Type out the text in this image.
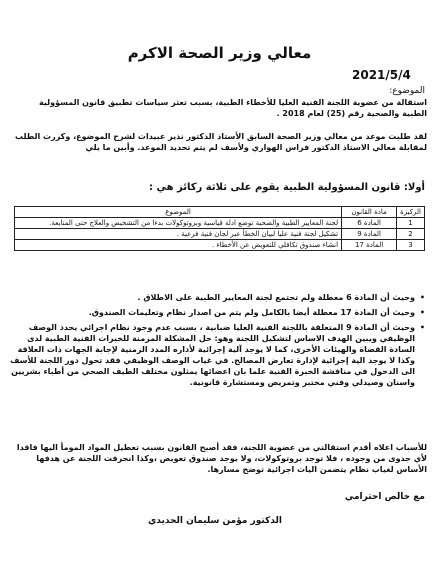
معالي وزير الصحة الاكرم
2021/5/4
الموضوع:
استقالة من عضوية اللجنة الفنية العليا للأخطاء الطبية، بسبب تعثر سياسات تطبيق قانون المسؤولية الطبية والصحية رقم (25) لعام 2018 .
لقد طلبت موعد من معالي وزير الصحة السابق الأستاذ الدكتور نذير عبيدات لشرح الموضوع، وكررت الطلب لمقابلة معالي الاستاذ الدكتور فراس الهواري ولأسف لم يتم تحديد الموعد. وأبين ما يلي
أولا: قانون المسؤولية الطبية يقوم على ثلاثة ركائز هي :
الركيزة	مادة القانون	الموضوع
1	المادة 6	لجنة المعايير الطبية والصحية توضع ادلة قياسية وبروتوكولات بدءا من التشخيص والعلاج حتى المتابعة.
2	المادة 9	تشكيل لجنة فنية عليا لبيان الخطأ عبر لجان فنية فرعية .
3	المادة 17	انشاء صندوق تكافلي للتعويض عن الأخطاء .
• وحيث أن المادة 6 معطلة ولم تجتمع لجنة المعايير الطبية على الاطلاق .
• وحيث أن المادة 17 معطلة أيضا بالكامل ولم يتم من اصدار نظام وتعليمات الصندوق.
• وحيث أن المادة 9 المتعلقة باللجنة الفنية العليا ضبابية ، بسبب عدم وجود نظام اجرائي يحدد الوصف الوظيفي ويبين الهدف الاساس لتشكيل اللجنة وهو: حل المشكلة المزمنة للخبرات الفنية الطبية لدى السادة القضاة والهيئات الأخرى، كما لا يوجد آلية إجرائية لأداره المدد الزمنية لإجابة الجهات ذات العلاقة وكذا لا يوجد الية إجرائية لإدارة تعارض المصالح. في غياب الوصف الوظيفي فقد تحول دور اللجنة للأسف الى الدخول في منافشة الخبرة الفنية علما بان اعضائها يمثلون مختلف الطيف الصحي من أطباء بشريين واسنان وصيدلي وفني مختبر وتمريض ومستشارة قانونية.
للأسباب اعلاه أقدم استقالتي من عضوية اللجنة، فقد أصبح القانون بسبب تعطيل المواد المومأ اليها فاقدا لأي جدوى من وجوده ، فلا توجد بروتوكولات، ولا يوجد صندوق تعويض ،وكذا انحرفت اللجنة عن هدفها الأساس لغياب نظام يتضمن اليات اجرائية توضح مسارها.
مع خالص احترامي
الدكتور مؤمن سليمان الحديدي
